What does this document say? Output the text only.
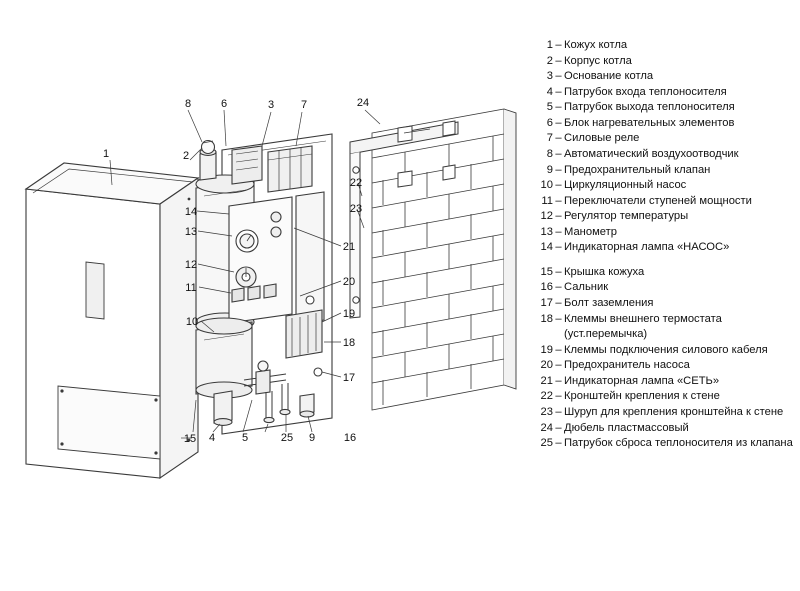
1	2
3
4 5
6	7
8
9
10
11
12
13
14
15	16
17
18
19
20
21
22
23
24
25
1 – Кожух котла
2 – Корпус котла
3 – Основание котла
4 – Патрубок входа теплоносителя
5 – Патрубок выхода теплоносителя
6 – Блок нагревательных элементов
7 – Силовые реле
8 – Автоматический воздухоотводчик
9 – Предохранительный клапан
10 – Циркуляционный насос
11 – Переключатели ступеней мощности
12 – Регулятор температуры
13 – Манометр
14 – Индикаторная лампа «НАСОС»
15 – Крышка кожуха
16 – Сальник
17 – Болт заземления
18 – Клеммы внешнего термостата (уст.перемычка)
19 – Клеммы подключения силового кабеля
20 – Предохранитель насоса
21 – Индикаторная лампа «СЕТЬ»
22 – Кронштейн крепления к стене
23 – Шуруп для крепления кронштейна к стене
24 – Дюбель пластмассовый
25 – Патрубок сброса теплоносителя из клапана
